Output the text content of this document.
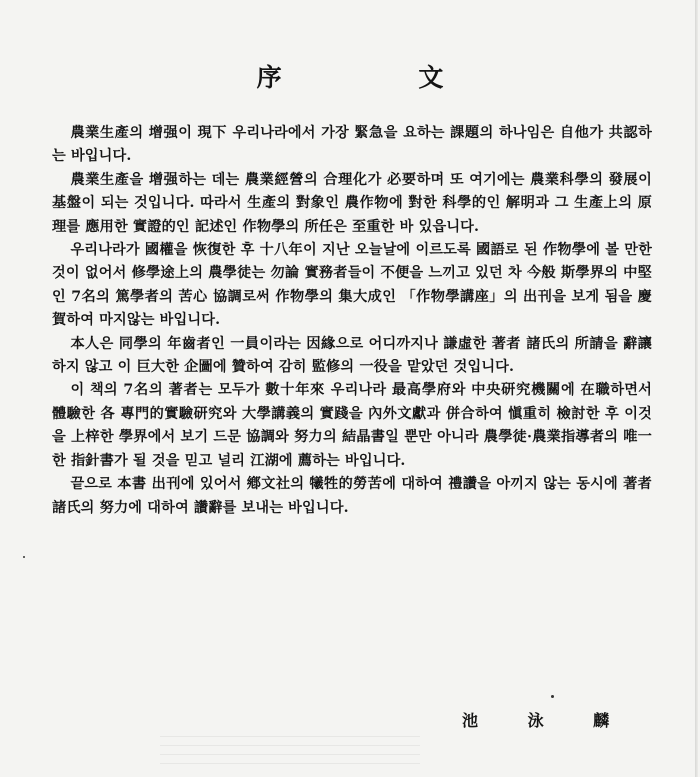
序 文

農業生產의 增强이 現下 우리나라에서 가장 緊急을 요하는 課題의 하나임은 自他가 共認하는 바입니다.

農業生產을 增强하는 데는 農業經營의 合理化가 必要하며 또 여기에는 農業科學의 發展이 基盤이 되는 것입니다. 따라서 生產의 對象인 農作物에 對한 科學的인 解明과 그 生產上의 原理를 應用한 實證的인 記述인 作物學의 所任은 至重한 바 있읍니다.

우리나라가 國權을 恢復한 후 十八年이 지난 오늘날에 이르도록 國語로 된 作物學에 볼 만한 것이 없어서 修學途上의 農學徒는 勿論 實務者들이 不便을 느끼고 있던 차 今般 斯學界의 中堅인 7名의 篤學者의 苦心 協調로써 作物學의 集大成인 「作物學講座」의 出刊을 보게 됨을 慶賀하여 마지않는 바입니다.

本人은 同學의 年齒者인 一員이라는 因緣으로 어디까지나 謙虛한 著者 諸氏의 所請을 辭讓하지 않고 이 巨大한 企圖에 贊하여 감히 監修의 一役을 맡았던 것입니다.

이 책의 7名의 著者는 모두가 數十年來 우리나라 最高學府와 中央研究機關에 在職하면서 體驗한 各 專門的實驗研究와 大學講義의 實踐을 內外文獻과 併合하여 愼重히 檢討한 후 이것을 上梓한 學界에서 보기 드문 協調와 努力의 結晶書일 뿐만 아니라 農學徒·農業指導者의 唯一한 指針書가 될 것을 믿고 널리 江湖에 薦하는 바입니다.

끝으로 本書 出刊에 있어서 鄕文社의 犧牲的勞苦에 대하여 禮讚을 아끼지 않는 동시에 著者 諸氏의 努力에 대하여 讚辭를 보내는 바입니다.

池 泳 麟
